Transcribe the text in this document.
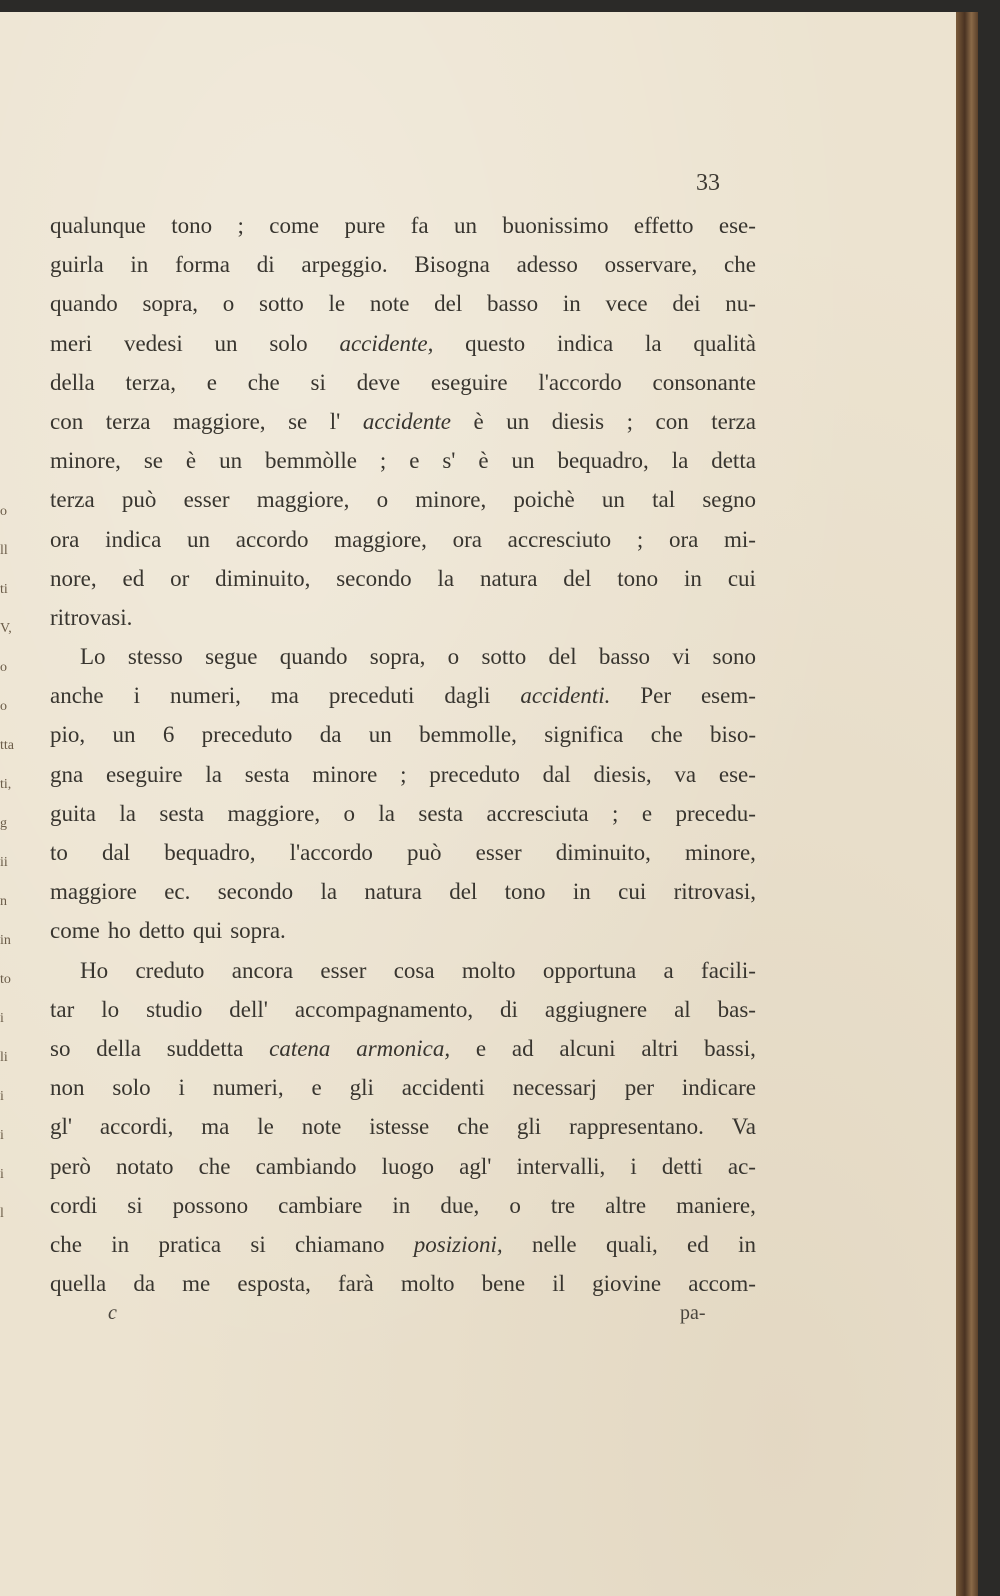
o
ll
ti
V,
o
o
tta
ti,
g
ii
n
in
to
i
li
i
i
i
l
33
qualunque tono ; come pure fa un buonissimo effetto ese-
guirla in forma di arpeggio. Bisogna adesso osservare, che
quando sopra, o sotto le note del basso in vece dei nu-
meri vedesi un solo accidente, questo indica la qualità
della terza, e che si deve eseguire l'accordo consonante
con terza maggiore, se l' accidente è un diesis ; con terza
minore, se è un bemmòlle ; e s' è un bequadro, la detta
terza può esser maggiore, o minore, poichè un tal segno
ora indica un accordo maggiore, ora accresciuto ; ora mi-
nore, ed or diminuito, secondo la natura del tono in cui
ritrovasi.
Lo stesso segue quando sopra, o sotto del basso vi sono
anche i numeri, ma preceduti dagli accidenti. Per esem-
pio, un 6 preceduto da un bemmolle, significa che biso-
gna eseguire la sesta minore ; preceduto dal diesis, va ese-
guita la sesta maggiore, o la sesta accresciuta ; e precedu-
to dal bequadro, l'accordo può esser diminuito, minore,
maggiore ec. secondo la natura del tono in cui ritrovasi,
come ho detto qui sopra.
Ho creduto ancora esser cosa molto opportuna a facili-
tar lo studio dell' accompagnamento, di aggiugnere al bas-
so della suddetta catena armonica, e ad alcuni altri bassi,
non solo i numeri, e gli accidenti necessarj per indicare
gl' accordi, ma le note istesse che gli rappresentano. Va
però notato che cambiando luogo agl' intervalli, i detti ac-
cordi si possono cambiare in due, o tre altre maniere,
che in pratica si chiamano posizioni, nelle quali, ed in
quella da me esposta, farà molto bene il giovine accom-
c	pa-
